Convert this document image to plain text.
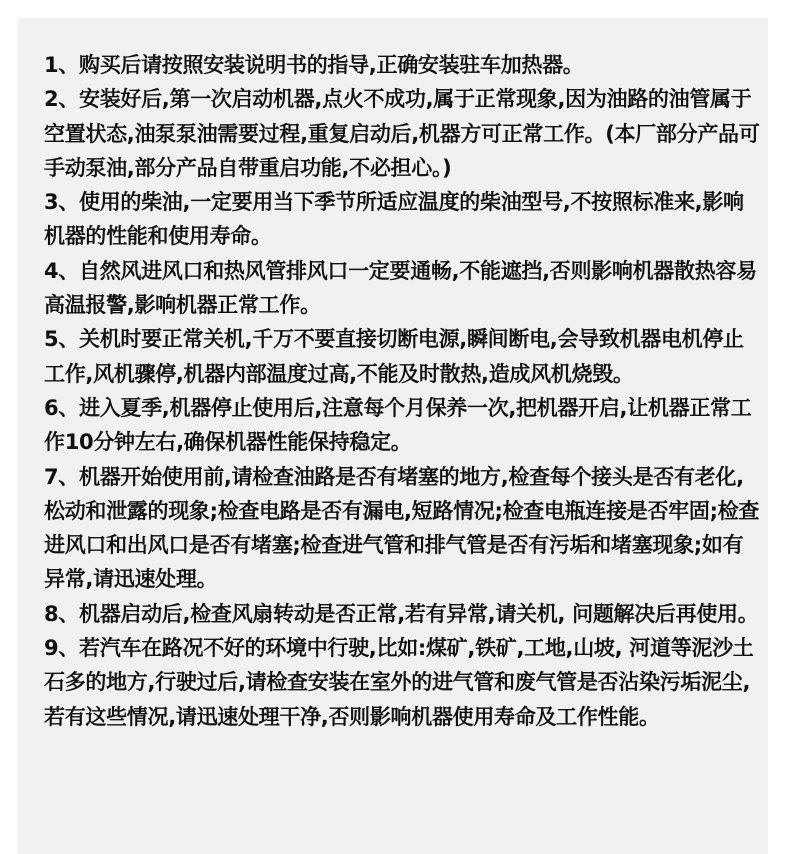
1、购买后请按照安装说明书的指导,正确安装驻车加热器。

2、安装好后,第一次启动机器,点火不成功,属于正常现象,因为油路的油管属于空置状态,油泵泵油需要过程,重复启动后,机器方可正常工作。(本厂部分产品可手动泵油,部分产品自带重启功能,不必担心。)

3、使用的柴油,一定要用当下季节所适应温度的柴油型号,不按照标准来,影响机器的性能和使用寿命。

4、自然风进风口和热风管排风口一定要通畅,不能遮挡,否则影响机器散热容易高温报警,影响机器正常工作。

5、关机时要正常关机,千万不要直接切断电源,瞬间断电,会导致机器电机停止工作,风机骤停,机器内部温度过高,不能及时散热,造成风机烧毁。

6、进入夏季,机器停止使用后,注意每个月保养一次,把机器开启,让机器正常工作10分钟左右,确保机器性能保持稳定。

7、机器开始使用前,请检查油路是否有堵塞的地方,检查每个接头是否有老化,松动和泄露的现象;检查电路是否有漏电,短路情况;检查电瓶连接是否牢固;检查进风口和出风口是否有堵塞;检查进气管和排气管是否有污垢和堵塞现象;如有异常,请迅速处理。

8、机器启动后,检查风扇转动是否正常,若有异常,请关机, 问题解决后再使用。

9、若汽车在路况不好的环境中行驶,比如:煤矿,铁矿,工地,山坡, 河道等泥沙土石多的地方,行驶过后,请检查安装在室外的进气管和废气管是否沾染污垢泥尘,若有这些情况,请迅速处理干净,否则影响机器使用寿命及工作性能。
